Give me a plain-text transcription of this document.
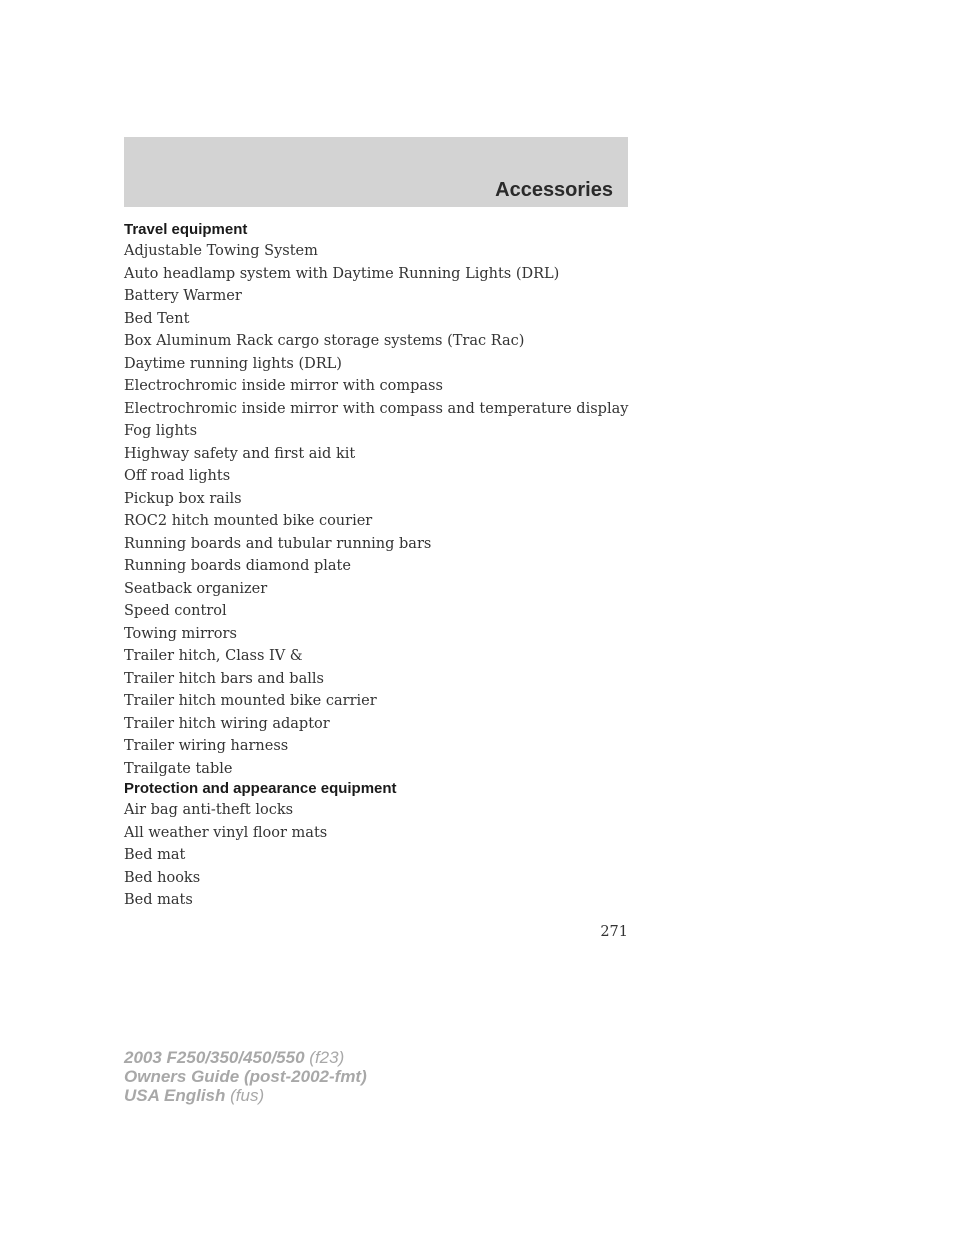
Accessories
Travel equipment
Adjustable Towing System
Auto headlamp system with Daytime Running Lights (DRL)
Battery Warmer
Bed Tent
Box Aluminum Rack cargo storage systems (Trac Rac)
Daytime running lights (DRL)
Electrochromic inside mirror with compass
Electrochromic inside mirror with compass and temperature display
Fog lights
Highway safety and first aid kit
Off road lights
Pickup box rails
ROC2 hitch mounted bike courier
Running boards and tubular running bars
Running boards diamond plate
Seatback organizer
Speed control
Towing mirrors
Trailer hitch, Class IV &
Trailer hitch bars and balls
Trailer hitch mounted bike carrier
Trailer hitch wiring adaptor
Trailer wiring harness
Trailgate table
Protection and appearance equipment
Air bag anti-theft locks
All weather vinyl floor mats
Bed mat
Bed hooks
Bed mats
271
2003 F250/350/450/550 (f23)
Owners Guide (post-2002-fmt)
USA English (fus)
